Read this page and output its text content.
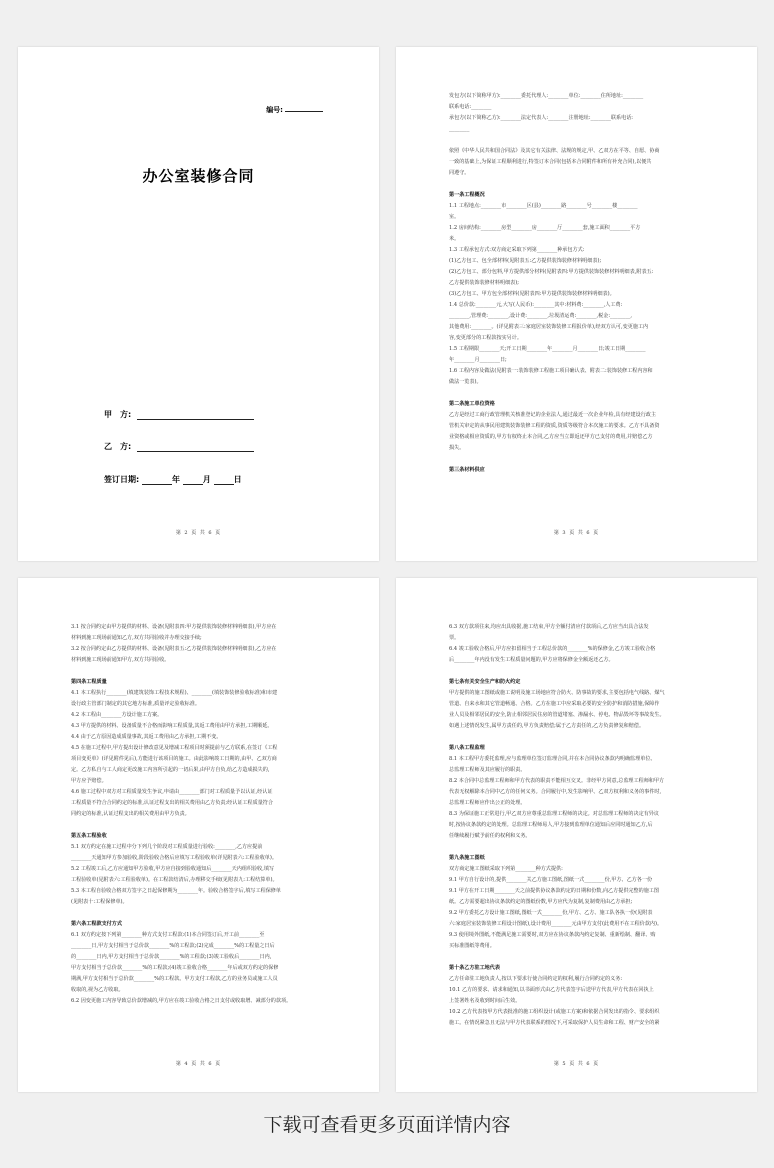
编号:
办公室装修合同
甲　方:
乙　方:
签订日期:	年	月	日
第 2 页 共 6 页

发包方(以下简称甲方):________委托代理人:________单位:________住所地址:________

联系电话:________

承包方(以下简称乙方):________法定代表人:________注册地址:________联系电话:

________

依照《中华人民共和国合同法》及其它有关法律、法规的规定,甲、乙双方在平等、自愿、协商

一致的基础上,为保证工程顺利进行,特签订本合同(包括本合同附件和所有补充合同),以便共

同遵守。

第一条工程概况

1.1 工程地点:________市________区(县)________路________号________楼________

室。

1.2 房间结构:________房型________房________厅________套,施工面积________平方

米。

1.3 工程承包方式:双方商定采取下列第________种承包方式:

(1)乙方包工、包全部材料(见附表五:乙方提供装饰装修材料明细表);

(2)乙方包工、部分包料,甲方提供部分材料(见附表四:甲方提供装饰装修材料明细表,附表五:

乙方提供装饰装修材料明细表);

(3)乙方包工、甲方包全部材料(见附表四:甲方提供装饰装修材料明细表)。

1.4 总价款:________元,大写(人民币):________其中:材料费:________,人工费:

________,管理费:________,设计费:________,垃圾清运费:________,税金:________,

其他费用:________。(详见附表三:家庭居室装饰装修工程报价单),经双方认可,变更施工内

容,变更部分的工程款按实另计。

1.5 工程期限________天;开工日期________年________月________日;竣工日期________

年________月________日;

1.6 工程内容及做法(见附表一:装饰装修工程施工项目确认表、附表二:装饰装修工程内容和

做法一览表)。

第二条施工单位资格

乙方是经过工商行政管理机关核准登记的企业法人,通过最近一次企业年检,具有经建设行政主

管机关审定的从事民用建筑装饰装修工程的资质,资质等级符合本次施工的要求。乙方不具备资

业资格或相应资质的,甲方有权终止本合同,乙方应当立即返还甲方已支付的费用,并赔偿乙方

损失。

第三条材料供应

第 3 页 共 6 页

3.1 按合同约定由甲方提供的材料、设备(见附表四:甲方提供装饰装修材料明细表),甲方应在

材料到施工现场前通知乙方,双方共同验收并办理交接手续;

3.2 按合同约定由乙方提供的材料、设备(见附表五:乙方提供装饰装修材料明细表),乙方应在

材料到施工现场前通知甲方,双方共同验收。

第四条工程质量

4.1 本工程执行________(填建筑装饰工程技术规程)、________(填装饰装修验收标准)和市建

设行政主管部门制定的其它地方标准,质量评定验收标准。

4.2 本工程由________方设计施工方案。

4.3 甲方提供的材料、设备质量不合格而影响工程质量,其返工费用由甲方承担,工期顺延。

4.4 由于乙方原因造成质量事故,其返工费用由乙方承担,工期不变。

4.5 在施工过程中,甲方提出设计修改意见及增减工程项目时须提前与乙方联系,在签订《工程

项目变更单》(详见附件见后),方能进行该项目的施工。由此影响竣工日期的,由甲、乙双方商

定。乙方私自与工人商定更改施工内容所引起的一切后果,由甲方自负,给乙方造成损失的,

甲方应予赔偿。

4.6 施工过程中双方对工程质量发生争议,申请由________部门对工程质量予以认证,经认证

工程质量不符合合同约定的标准,认证过程支出的相关费用由乙方负责;经认证工程质量符合

同约定的标准,认证过程支出的相关费用由甲方负责。

第五条工程验收

5.1 双方约定在施工过程中分下列几个阶段对工程质量进行验收:________,乙方应提前

________天通知甲方参加验收,阶段验收合格后应填写工程验收单(详见附表六:工程验收单)。

5.2 工程竣工后,乙方应通知甲方验收,甲方应自接到验收通知后________天内组织验收,填写

工程验收单(见附表六:工程验收单)。在工程款结清后,办理移交手续(见附表九:工程结算单)。

5.3 本工程自验收合格双方签字之日起保修期为________年。验收合格签字后,填写工程保修单

(见附表十:工程保修单)。

第六条工程款支付方式

6.1 双方约定按下列第________种方式支付工程款:(1)本合同签订后,开工前________至

________日,甲方支付相当于总价款________%的工程款;(2)完成________%的工程量之日后

的________日内,甲方支付相当于总价款________%的工程款;(3)竣工验收后________日内,

甲方支付相当于总价款________%的工程款;(4)竣工验收合格________年后或双方约定的保修

期满,甲方支付相当于总价款________%的工程款。甲方支付工程款,乙方的业务员或施工人员

收取的,视为乙方收取。

6.2 因变更施工内容导致总价款增减的,甲方应在竣工验收合格之日支付或收取增、减部分的款项。

第 4 页 共 6 页

6.3 双方款项往来,均应出具收据,施工结束,甲方全额付清应付款项后,乙方应当出具合法发

票。

6.4 竣工验收合格后,甲方应扣留相当于工程总价款的________%的保修金,乙方竣工验收合格

后________年内没有发生工程质量问题的,甲方应将保修金全额返还乙方。

第七条有关安全生产和防火约定

甲方提供的施工图纸或施工说明及施工场地应符合防火、防事故的要求,主要包括电气线路、煤气

管道、自来水和其它管道畅通、合格。乙方在施工中应采取必要的安全防护和消防措施,保障作

业人员及相邻居民的安全,防止相邻居民住房的管道堵塞、渗漏水、停电、物品毁坏等事故发生。

如遇上述情况发生,属甲方责任的,甲方负责赔偿;属于乙方责任的,乙方负责修复和赔偿。

第八条工程监理

8.1 本工程甲方委托监理,应与监理单位签订监理合同,并在本合同协议条款内明确监理单位、

总监理工程师及其应履行的职责。

8.2 本合同中总监理工程师和甲方代表的职责不能相互交叉。非经甲方同意,总监理工程师和甲方

代表无权解除本合同中乙方的任何义务。合同履行中,发生影响甲、乙双方权利和义务的事件时,

总监理工程师应作出公正的处理。

8.3 为保证施工正常进行,甲乙双方应尊重总监理工程师的决定。对总监理工程师的决定有异议

时,按协议条款约定的处理。总监理工程师易人,甲方接到监理单位通知后应同时通知乙方,后

任继续履行赋予前任的权利和义务。

第九条施工图纸

双方商定施工图纸采取下列第________种方式提供:

9.1 甲方自行设计的,提供________关乙方施工图纸,图纸一式________份,甲方、乙方各一份

9.1 甲方在开工日期________天之前提供协议条款约定的日期和份数,向乙方提供完整的施工图

纸。乙方需要超出协议条款约定的图纸份数,甲方应代为复制,复制费用由乙方承担;

9.2 甲方委托乙方设计施工图纸,图纸一式________份,甲方、乙方、施工队各执一份(见附表

六:家庭居室装饰装修工程设计图纸),设计费用________元由甲方支付(此费用不在工程价款内)。

9.3 使用境外图纸,不能满足施工需要时,双方应在协议条款内约定复制、重新绘制、翻译、购

买标准图纸等费用。

第十条乙方驻工地代表

乙方任命驻工地负责人,按以下要求行使合同约定的权利,履行合同约定的义务:

10.1 乙方的要求、请求和通知,以书面形式由乙方代表签字后送甲方代表,甲方代表在回执上

上签署姓名及收到时间后生效。

10.2 乙方代表按甲方代表批准的施工组织设计(或施工方案)和依据合同发出的指令、要求组织

施工。在情况紧急且无法与甲方代表联系的情况下,可采取保护人员生命和工程、财产安全的紧

第 5 页 共 6 页
下载可查看更多页面详情内容
